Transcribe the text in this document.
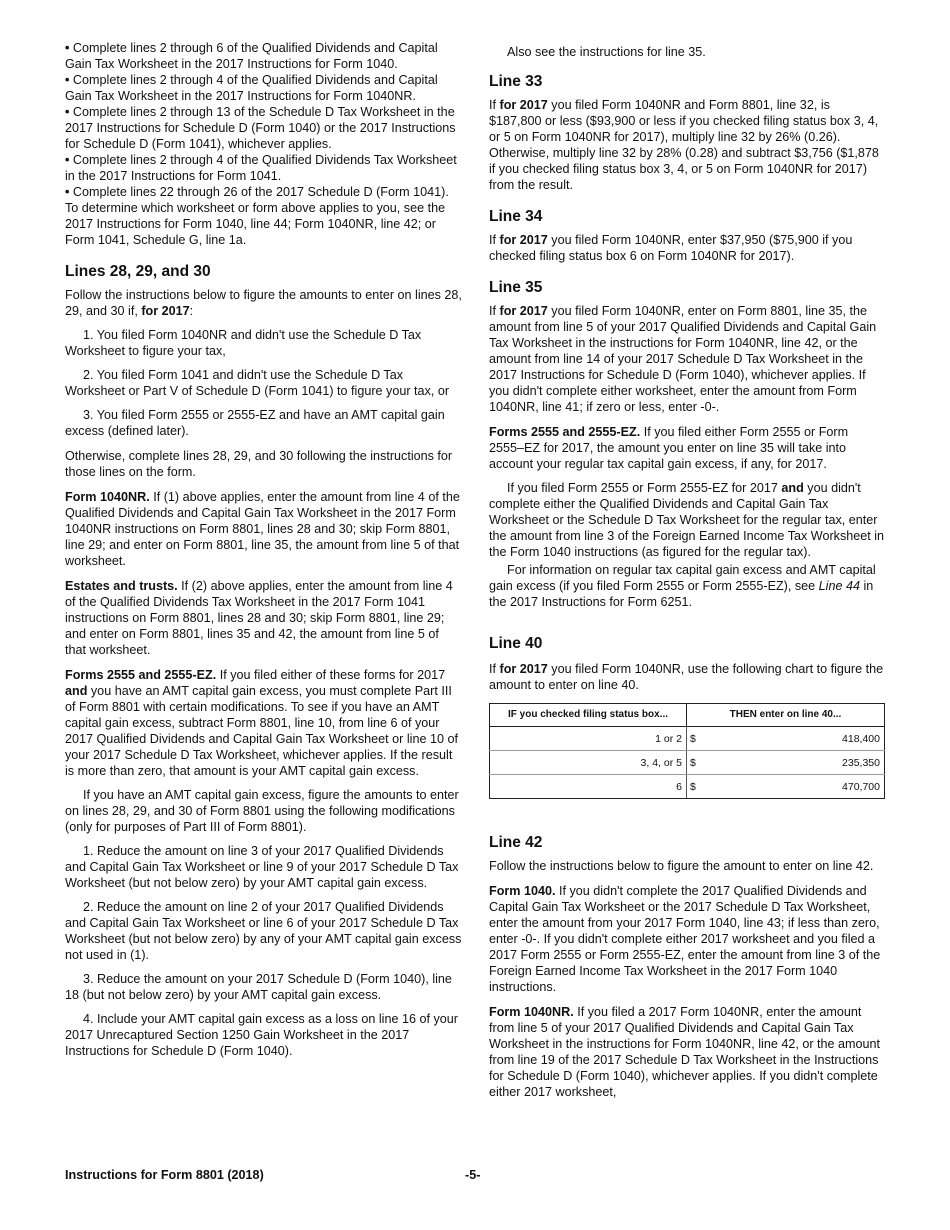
• Complete lines 2 through 6 of the Qualified Dividends and Capital Gain Tax Worksheet in the 2017 Instructions for Form 1040.

• Complete lines 2 through 4 of the Qualified Dividends and Capital Gain Tax Worksheet in the 2017 Instructions for Form 1040NR.

• Complete lines 2 through 13 of the Schedule D Tax Worksheet in the 2017 Instructions for Schedule D (Form 1040) or the 2017 Instructions for Schedule D (Form 1041), whichever applies.

• Complete lines 2 through 4 of the Qualified Dividends Tax Worksheet in the 2017 Instructions for Form 1041.

• Complete lines 22 through 26 of the 2017 Schedule D (Form 1041).

To determine which worksheet or form above applies to you, see the 2017 Instructions for Form 1040, line 44; Form 1040NR, line 42; or Form 1041, Schedule G, line 1a.

Lines 28, 29, and 30

Follow the instructions below to figure the amounts to enter on lines 28, 29, and 30 if, for 2017:

1. You filed Form 1040NR and didn't use the Schedule D Tax Worksheet to figure your tax,

2. You filed Form 1041 and didn't use the Schedule D Tax Worksheet or Part V of Schedule D (Form 1041) to figure your tax, or

3. You filed Form 2555 or 2555-EZ and have an AMT capital gain excess (defined later).

Otherwise, complete lines 28, 29, and 30 following the instructions for those lines on the form.

Form 1040NR. If (1) above applies, enter the amount from line 4 of the Qualified Dividends and Capital Gain Tax Worksheet in the 2017 Form 1040NR instructions on Form 8801, lines 28 and 30; skip Form 8801, line 29; and enter on Form 8801, line 35, the amount from line 5 of that worksheet.

Estates and trusts. If (2) above applies, enter the amount from line 4 of the Qualified Dividends Tax Worksheet in the 2017 Form 1041 instructions on Form 8801, lines 28 and 30; skip Form 8801, line 29; and enter on Form 8801, lines 35 and 42, the amount from line 5 of that worksheet.

Forms 2555 and 2555-EZ. If you filed either of these forms for 2017 and you have an AMT capital gain excess, you must complete Part III of Form 8801 with certain modifications. To see if you have an AMT capital gain excess, subtract Form 8801, line 10, from line 6 of your 2017 Qualified Dividends and Capital Gain Tax Worksheet or line 10 of your 2017 Schedule D Tax Worksheet, whichever applies. If the result is more than zero, that amount is your AMT capital gain excess.

If you have an AMT capital gain excess, figure the amounts to enter on lines 28, 29, and 30 of Form 8801 using the following modifications (only for purposes of Part III of Form 8801).

1. Reduce the amount on line 3 of your 2017 Qualified Dividends and Capital Gain Tax Worksheet or line 9 of your 2017 Schedule D Tax Worksheet (but not below zero) by your AMT capital gain excess.

2. Reduce the amount on line 2 of your 2017 Qualified Dividends and Capital Gain Tax Worksheet or line 6 of your 2017 Schedule D Tax Worksheet (but not below zero) by any of your AMT capital gain excess not used in (1).

3. Reduce the amount on your 2017 Schedule D (Form 1040), line 18 (but not below zero) by your AMT capital gain excess.

4. Include your AMT capital gain excess as a loss on line 16 of your 2017 Unrecaptured Section 1250 Gain Worksheet in the 2017 Instructions for Schedule D (Form 1040).

Also see the instructions for line 35.

Line 33

If for 2017 you filed Form 1040NR and Form 8801, line 32, is $187,800 or less ($93,900 or less if you checked filing status box 3, 4, or 5 on Form 1040NR for 2017), multiply line 32 by 26% (0.26). Otherwise, multiply line 32 by 28% (0.28) and subtract $3,756 ($1,878 if you checked filing status box 3, 4, or 5 on Form 1040NR for 2017) from the result.

Line 34

If for 2017 you filed Form 1040NR, enter $37,950 ($75,900 if you checked filing status box 6 on Form 1040NR for 2017).

Line 35

If for 2017 you filed Form 1040NR, enter on Form 8801, line 35, the amount from line 5 of your 2017 Qualified Dividends and Capital Gain Tax Worksheet in the instructions for Form 1040NR, line 42, or the amount from line 14 of your 2017 Schedule D Tax Worksheet in the 2017 Instructions for Schedule D (Form 1040), whichever applies. If you didn't complete either worksheet, enter the amount from Form 1040NR, line 41; if zero or less, enter -0-.

Forms 2555 and 2555-EZ. If you filed either Form 2555 or Form 2555–EZ for 2017, the amount you enter on line 35 will take into account your regular tax capital gain excess, if any, for 2017.

If you filed Form 2555 or Form 2555-EZ for 2017 and you didn't complete either the Qualified Dividends and Capital Gain Tax Worksheet or the Schedule D Tax Worksheet for the regular tax, enter the amount from line 3 of the Foreign Earned Income Tax Worksheet in the Form 1040 instructions (as figured for the regular tax).

For information on regular tax capital gain excess and AMT capital gain excess (if you filed Form 2555 or Form 2555-EZ), see Line 44 in the 2017 Instructions for Form 6251.

Line 40

If for 2017 you filed Form 1040NR, use the following chart to figure the amount to enter on line 40.

IF you checked filing status box...	THEN enter on line 40...
1 or 2	$ 418,400
3, 4, or 5	$ 235,350
6	$ 470,700
Line 42

Follow the instructions below to figure the amount to enter on line 42.

Form 1040. If you didn't complete the 2017 Qualified Dividends and Capital Gain Tax Worksheet or the 2017 Schedule D Tax Worksheet, enter the amount from your 2017 Form 1040, line 43; if less than zero, enter -0-. If you didn't complete either 2017 worksheet and you filed a 2017 Form 2555 or Form 2555-EZ, enter the amount from line 3 of the Foreign Earned Income Tax Worksheet in the 2017 Form 1040 instructions.

Form 1040NR. If you filed a 2017 Form 1040NR, enter the amount from line 5 of your 2017 Qualified Dividends and Capital Gain Tax Worksheet in the instructions for Form 1040NR, line 42, or the amount from line 19 of the 2017 Schedule D Tax Worksheet in the Instructions for Schedule D (Form 1040), whichever applies. If you didn't complete either 2017 worksheet,

Instructions for Form 8801 (2018)	-5-
